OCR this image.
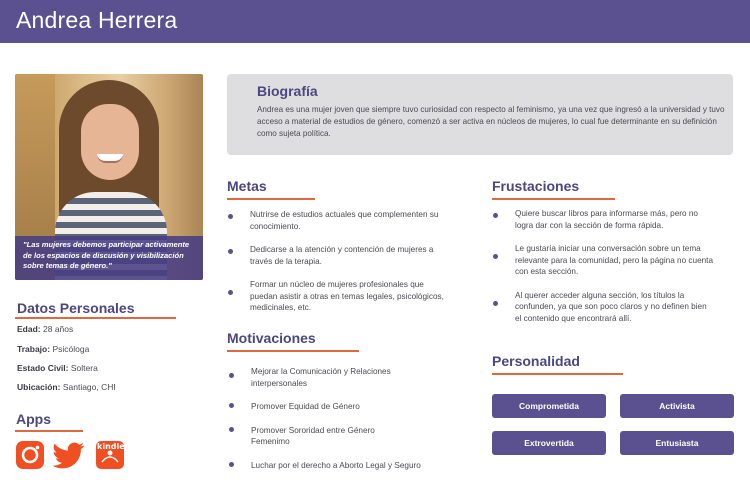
Andrea Herrera
"Las mujeres debemos participar activamente de los espacios de discusión y visibilización sobre temas de género."
Datos Personales
Edad: 28 años
Trabajo: Psicóloga
Estado Civil: Soltera
Ubicación: Santiago, CHI
Apps
kindle
Biografía
Andrea es una mujer joven que siempre tuvo curiosidad con respecto al feminismo, ya una vez que ingresó a la universidad y tuvo acceso a material de estudios de género, comenzó a ser activa en núcleos de mujeres, lo cual fue determinante en su definición como sujeta política.
Metas
Nutrirse de estudios actuales que complementen su
conocimiento.
Dedicarse a la atención y contención de mujeres a
través de la terapia.
Formar un núcleo de mujeres profesionales que
puedan asistir a otras en temas legales, psicológicos,
medicinales, etc.
Motivaciones
Mejorar la Comunicación y Relaciones
interpersonales
Promover Equidad de Género
Promover Sororidad entre Género
Femenimo
Luchar por el derecho a Aborto Legal y Seguro
Frustaciones
Quiere buscar libros para informarse más, pero no
logra dar con la sección de forma rápida.
Le gustaría iniciar una conversación sobre un tema
relevante para la comunidad, pero la página no cuenta
con esta sección.
Al querer acceder alguna sección, los títulos la
confunden, ya que son poco claros y no definen bien
el contenido que encontrará allí.
Personalidad
Comprometida	Activista
Extrovertida	Entusiasta
